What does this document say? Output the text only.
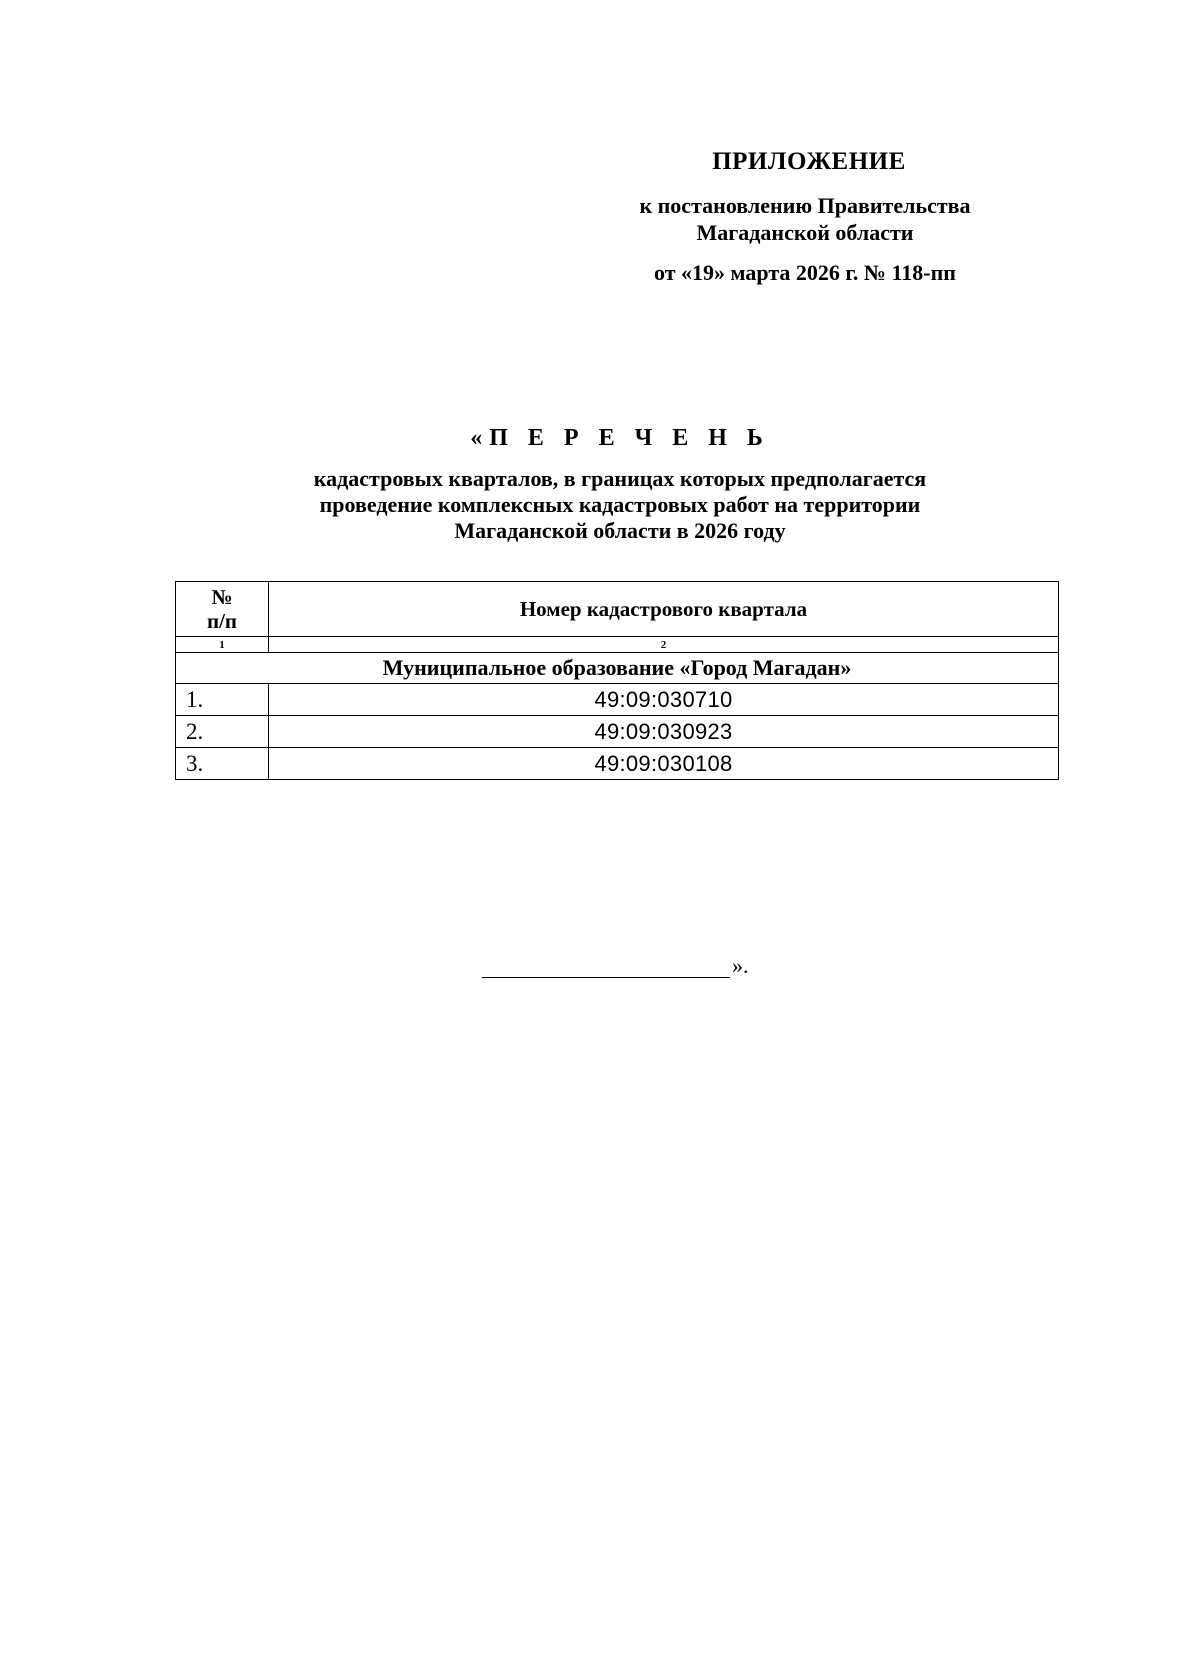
ПРИЛОЖЕНИЕ
к постановлению Правительства
Магаданской области
от «19» марта 2026 г. № 118-пп
«П Е Р Е Ч Е Н Ь
кадастровых кварталов, в границах которых предполагается
проведение комплексных кадастровых работ на территории
Магаданской области в 2026 году
№
п/п	Номер кадастрового квартала
1	2
Муниципальное образование «Город Магадан»	
1.	49:09:030710
2.	49:09:030923
3.	49:09:030108
».
